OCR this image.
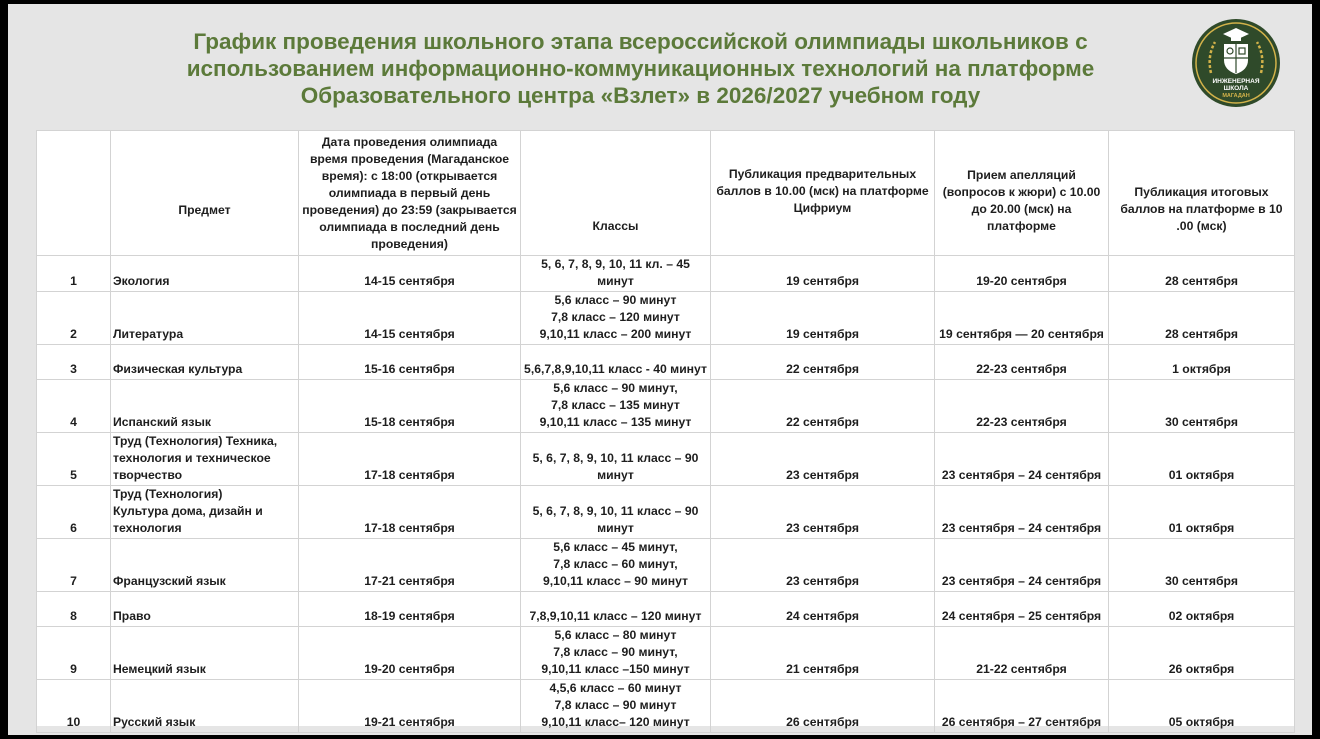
График проведения школьного этапа всероссийской олимпиады школьников с
использованием информационно-коммуникационных технологий на платформе
Образовательного центра «Взлет» в 2026/2027 учебном году
ИНЖЕНЕРНАЯ
ШКОЛА
МАГАДАН
	Предмет	Дата проведения олимпиада время проведения (Магаданское время): с 18:00 (открывается олимпиада в первый день проведения) до 23:59 (закрывается олимпиада в последний день проведения)	Классы	Публикация предварительных баллов в 10.00 (мск) на платформе Цифриум	Прием апелляций (вопросов к жюри) с 10.00 до 20.00 (мск) на платформе	Публикация итоговых баллов на платформе в 10 .00 (мск)
1	Экология	14-15 сентября	5, 6, 7, 8, 9, 10, 11 кл. – 45 минут	19 сентября	19-20 сентября	28 сентября
2	Литература	14-15 сентября	5,6 класс – 90 минут
7,8 класс – 120 минут
9,10,11 класс – 200 минут	19 сентября	19 сентября — 20 сентября	28 сентября
3	Физическая культура	15-16 сентября	5,6,7,8,9,10,11 класс - 40 минут	22 сентября	22-23 сентября	1 октября
4	Испанский язык	15-18 сентября	5,6 класс – 90 минут,
7,8 класс – 135 минут
9,10,11 класс – 135 минут	22 сентября	22-23 сентября	30 сентября
5	Труд (Технология) Техника, технология и техническое творчество	17-18 сентября	5, 6, 7, 8, 9, 10, 11 класс – 90 минут	23 сентября	23 сентября – 24 сентября	01 октября
6	Труд (Технология)
Культура дома, дизайн и технология	17-18 сентября	5, 6, 7, 8, 9, 10, 11 класс – 90 минут	23 сентября	23 сентября – 24 сентября	01 октября
7	Французский язык	17-21 сентября	5,6 класс – 45 минут,
7,8 класс – 60 минут,
9,10,11 класс – 90 минут	23 сентября	23 сентября – 24 сентября	30 сентября
8	Право	18-19 сентября	7,8,9,10,11 класс – 120 минут	24 сентября	24 сентября – 25 сентября	02 октября
9	Немецкий язык	19-20 сентября	5,6 класс – 80 минут
7,8 класс – 90 минут,
9,10,11 класс –150 минут	21 сентября	21-22 сентября	26 октября
10	Русский язык	19-21 сентября	4,5,6 класс – 60 минут
7,8 класс – 90 минут
9,10,11 класс– 120 минут	26 сентября	26 сентября – 27 сентября	05 октября
